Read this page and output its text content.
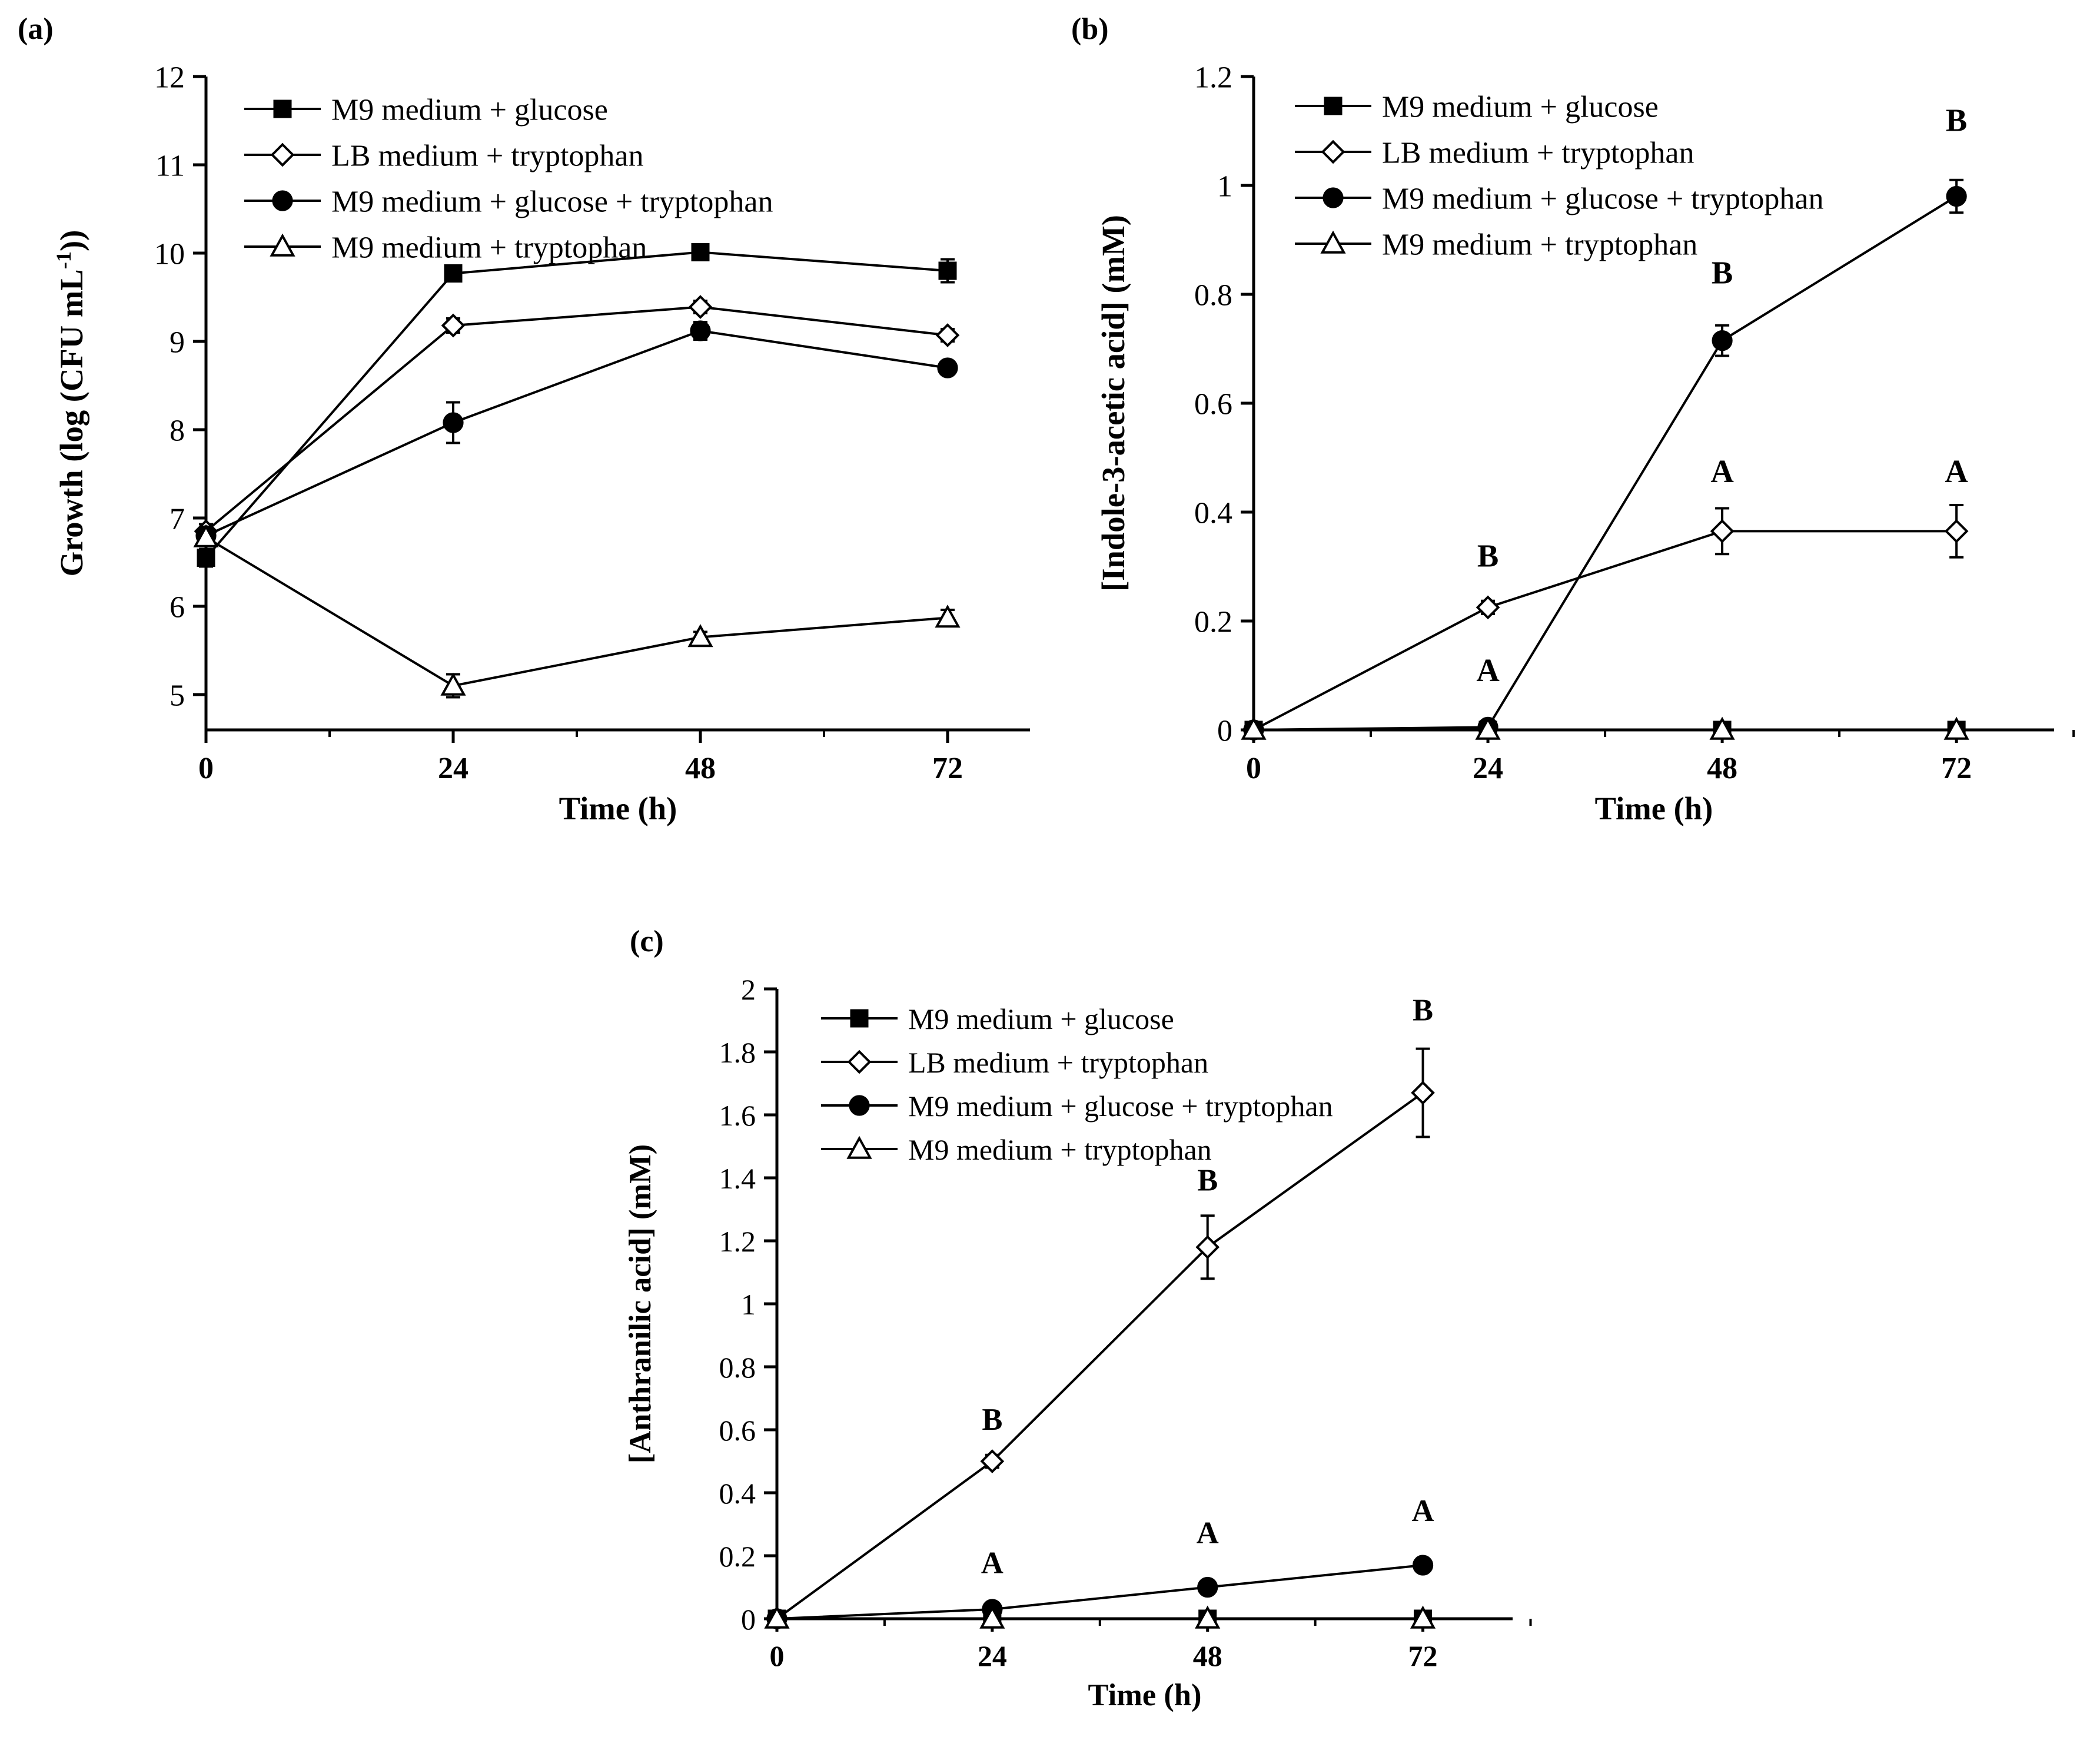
(a)
5
6
7
8
9
10
11
12
0	24	48	72
Time (h)
Growth (log (CFU $mL^{-1}$))
M9 medium + glucose
LB medium + tryptophan
M9 medium + glucose + tryptophan
M9 medium + tryptophan
(b)
0
0.2
0.4
0.6
0.8
1
1.2
0	24	48	72
Time (h)
[Indole-3-acetic acid] (mM)	B
A
B
A
B
A
M9 medium + glucose
LB medium + tryptophan
M9 medium + glucose + tryptophan
M9 medium + tryptophan
(c)
0
0.2
0.4
0.6
0.8
1
1.2
1.4
1.6
1.8
2
0	24	48	72
Time (h)
[Anthranilic acid] (mM)	B
A
B
A
B
A
M9 medium + glucose
LB medium + tryptophan
M9 medium + glucose + tryptophan
M9 medium + tryptophan
